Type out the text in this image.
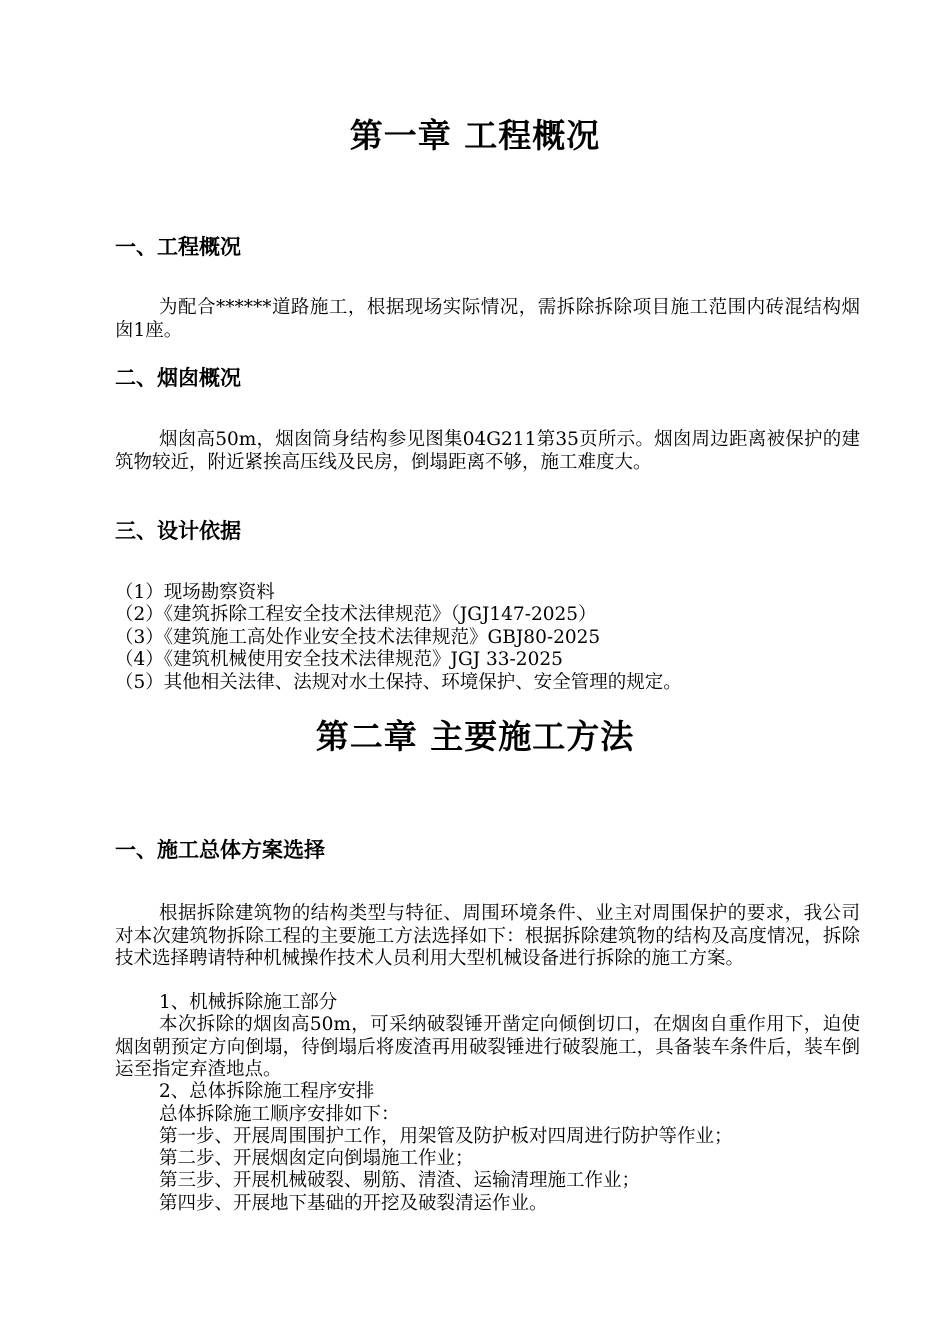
第一章 工程概况
一、工程概况

为配合******道路施工，根据现场实际情况，需拆除拆除项目施工范围内砖混结构烟囱1座。

二、烟囱概况

烟囱高50m，烟囱筒身结构参见图集04G211第35页所示。烟囱周边距离被保护的建筑物较近，附近紧挨高压线及民房，倒塌距离不够，施工难度大。

三、设计依据
（1）现场勘察资料
（2）《建筑拆除工程安全技术法律规范》（JGJ147-2025）
（3）《建筑施工高处作业安全技术法律规范》GBJ80-2025
（4）《建筑机械使用安全技术法律规范》JGJ 33-2025
（5）其他相关法律、法规对水土保持、环境保护、安全管理的规定。
第二章 主要施工方法
一、施工总体方案选择

根据拆除建筑物的结构类型与特征、周围环境条件、业主对周围保护的要求，我公司对本次建筑物拆除工程的主要施工方法选择如下：根据拆除建筑物的结构及高度情况，拆除技术选择聘请特种机械操作技术人员利用大型机械设备进行拆除的施工方案。

1、机械拆除施工部分

本次拆除的烟囱高50m，可采纳破裂锤开凿定向倾倒切口，在烟囱自重作用下，迫使烟囱朝预定方向倒塌，待倒塌后将废渣再用破裂锤进行破裂施工，具备装车条件后，装车倒运至指定弃渣地点。

2、总体拆除施工程序安排
总体拆除施工顺序安排如下：
第一步、开展周围围护工作，用架管及防护板对四周进行防护等作业；
第二步、开展烟囱定向倒塌施工作业；
第三步、开展机械破裂、剔筋、清渣、运输清理施工作业；
第四步、开展地下基础的开挖及破裂清运作业。
